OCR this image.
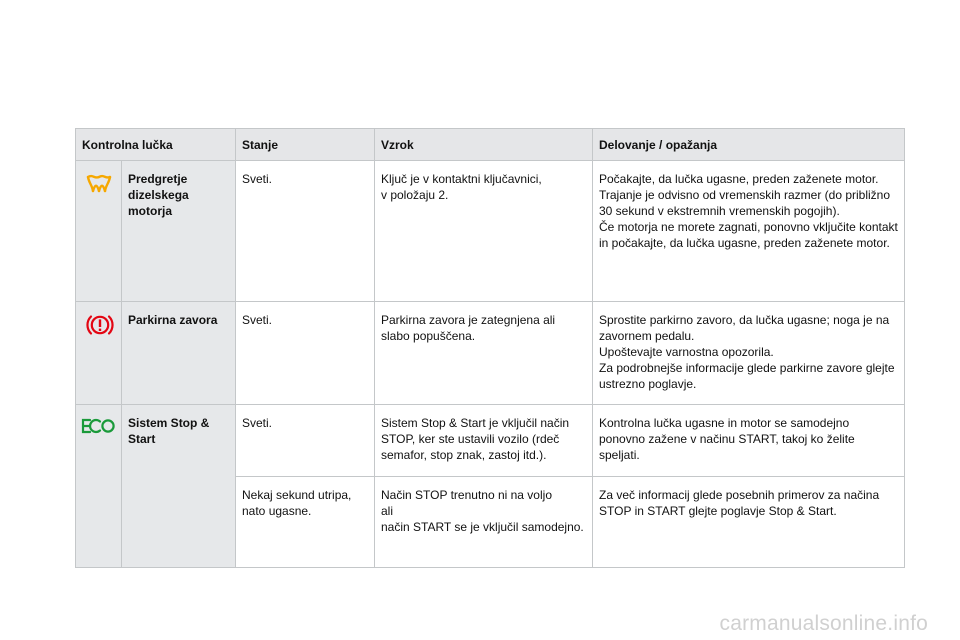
Kontrolna lučka		Stanje	Vzrok	Delovanje / opažanja

	Predgretje dizelskega motorja	Sveti.	Ključ je v kontaktni ključavnici,
v položaju 2.	Počakajte, da lučka ugasne, preden zaženete motor.
Trajanje je odvisno od vremenskih razmer (do približno 30 sekund v ekstremnih vremenskih pogojih).
Če motorja ne morete zagnati, ponovno vključite kontakt in počakajte, da lučka ugasne, preden zaženete motor.

	Parkirna zavora	Sveti.	Parkirna zavora je zategnjena ali slabo popuščena.	Sprostite parkirno zavoro, da lučka ugasne; noga je na zavornem pedalu.
Upoštevajte varnostna opozorila.
Za podrobnejše informacije glede parkirne zavore glejte ustrezno poglavje.

	Sistem Stop & Start	Sveti.	Sistem Stop & Start je vključil način STOP, ker ste ustavili vozilo (rdeč semafor, stop znak, zastoj itd.).	Kontrolna lučka ugasne in motor se samodejno ponovno zažene v načinu START, takoj ko želite speljati.
		Nekaj sekund utripa, nato ugasne.	Način STOP trenutno ni na voljo
ali
način START se je vključil samodejno.	Za več informacij glede posebnih primerov za načina STOP in START glejte poglavje Stop & Start.
carmanualsonline.info
